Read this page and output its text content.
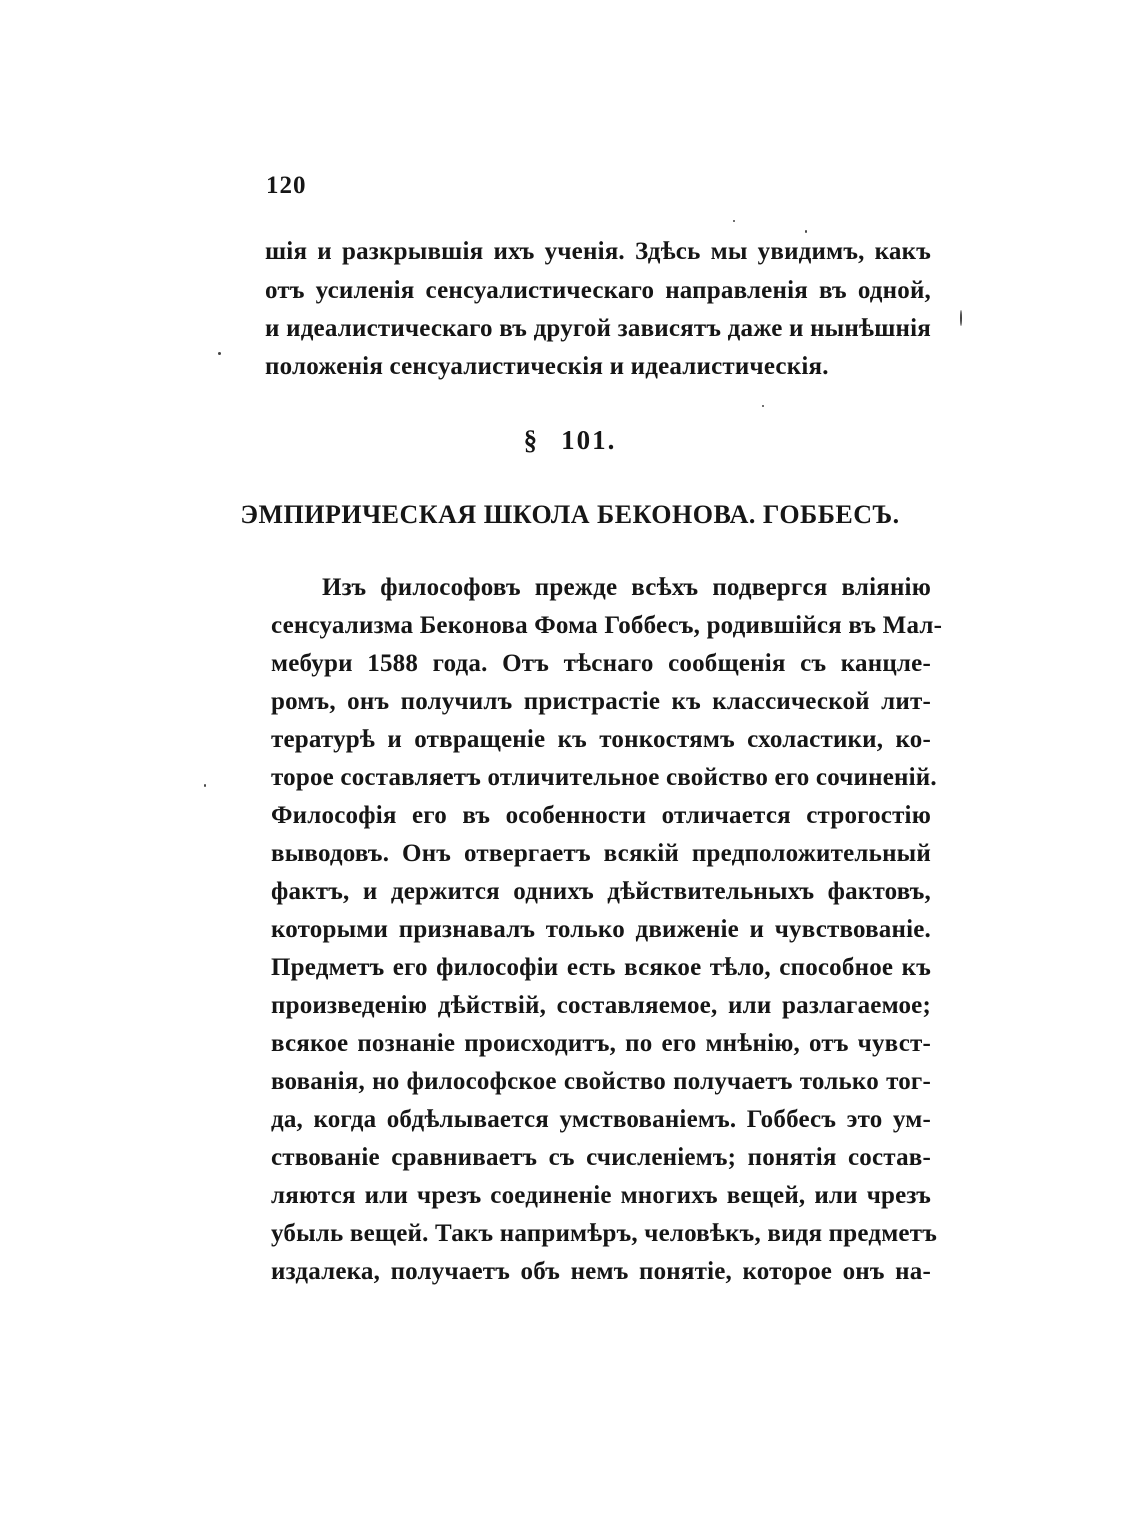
120
шія и разкрывшія ихъ ученія. Здѣсь мы увидимъ, какъ
отъ усиленія сенсуалистическаго направленія въ одной,
и идеалистическаго въ другой зависятъ даже и нынѣшнія
положенія сенсуалистическія и идеалистическія.
§ 101.
ЭМПИРИЧЕСКАЯ ШКОЛА БЕКОНОВА. ГОББЕСЪ.
Изъ философовъ прежде всѣхъ подвергся вліянію
сенсуализма Беконова Фома Гоббесъ, родившійся въ Мал-
мебури 1588 года. Отъ тѣснаго сообщенія съ канцле-
ромъ, онъ получилъ пристрастіе къ классической лит-
тературѣ и отвращеніе къ тонкостямъ схоластики, ко-
торое составляетъ отличительное свойство его сочиненій.
Философія его въ особенности отличается строгостію
выводовъ. Онъ отвергаетъ всякій предположительный
фактъ, и держится однихъ дѣйствительныхъ фактовъ,
которыми признавалъ только движеніе и чувствованіе.
Предметъ его философіи есть всякое тѣло, способное къ
произведенію дѣйствій, составляемое, или разлагаемое;
всякое познаніе происходитъ, по его мнѣнію, отъ чувст-
вованія, но философское свойство получаетъ только тог-
да, когда обдѣлывается умствованіемъ. Гоббесъ это ум-
ствованіе сравниваетъ съ счисленіемъ; понятія состав-
ляются или чрезъ соединеніе многихъ вещей, или чрезъ
убыль вещей. Такъ напримѣръ, человѣкъ, видя предметъ
издалека, получаетъ объ немъ понятіе, которое онъ на-
